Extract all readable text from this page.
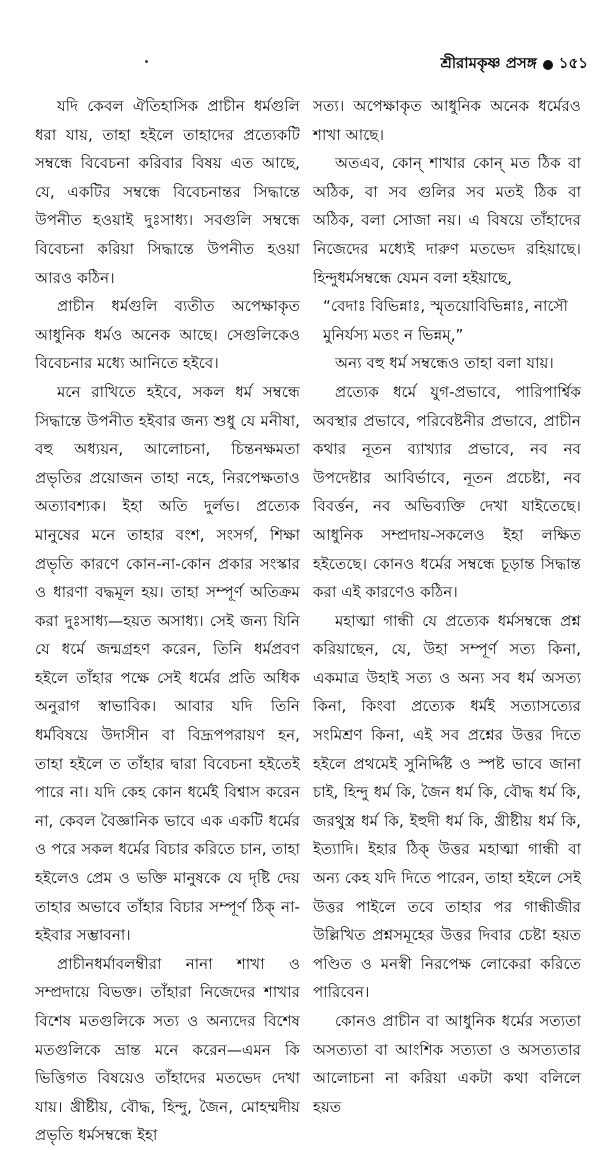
শ্রীরামকৃষ্ণ প্রসঙ্গ ১৫১

যদি কেবল ঐতিহাসিক প্রাচীন ধর্মগুলি ধরা যায়, তাহা হইলে তাহাদের প্রত্যেকটি সম্বন্ধে বিবেচনা করিবার বিষয় এত আছে, যে, একটির সম্বন্ধে বিবেচনান্তর সিদ্ধান্তে উপনীত হওয়াই দুঃসাধ্য। সবগুলি সম্বন্ধে বিবেচনা করিয়া সিদ্ধান্তে উপনীত হওয়া আরও কঠিন।

প্রাচীন ধর্মগুলি ব্যতীত অপেক্ষাকৃত আধুনিক ধর্মও অনেক আছে। সেগুলিকেও বিবেচনার মধ্যে আনিতে হইবে।

মনে রাখিতে হইবে, সকল ধর্ম সম্বন্ধে সিদ্ধান্তে উপনীত হইবার জন্য শুধু যে মনীষা, বহু অধ্যয়ন, আলোচনা, চিন্তনক্ষমতা প্রভৃতির প্রয়োজন তাহা নহে, নিরপেক্ষতাও অত্যাবশ্যক। ইহা অতি দুর্লভ। প্রত্যেক মানুষের মনে তাহার বংশ, সংসর্গ, শিক্ষা প্রভৃতি কারণে কোন-না-কোন প্রকার সংস্কার ও ধারণা বদ্ধমূল হয়। তাহা সম্পূর্ণ অতিক্রম করা দুঃসাধ্য—হয়ত অসাধ্য। সেই জন্য যিনি যে ধর্মে জন্মগ্রহণ করেন, তিনি ধর্মপ্রবণ হইলে তাঁহার পক্ষে সেই ধর্মের প্রতি অধিক অনুরাগ স্বাভাবিক। আবার যদি তিনি ধর্মবিষয়ে উদাসীন বা বিদ্রূপপরায়ণ হন, তাহা হইলে ত তাঁহার দ্বারা বিবেচনা হইতেই পারে না। যদি কেহ কোন ধর্মেই বিশ্বাস করেন না, কেবল বৈজ্ঞানিক ভাবে এক একটি ধর্মের ও পরে সকল ধর্মের বিচার করিতে চান, তাহা হইলেও প্রেম ও ভক্তি মানুষকে যে দৃষ্টি দেয় তাহার অভাবে তাঁহার বিচার সম্পূর্ণ ঠিক্ না-হইবার সম্ভাবনা।

প্রাচীনধর্মাবলম্বীরা নানা শাখা ও সম্প্রদায়ে বিভক্ত। তাঁহারা নিজেদের শাখার বিশেষ মতগুলিকে সত্য ও অন্যদের বিশেষ মতগুলিকে ভ্রান্ত মনে করেন—এমন কি ভিত্তিগত বিষয়েও তাঁহাদের মতভেদ দেখা যায়। খ্রীষ্টীয়, বৌদ্ধ, হিন্দু, জৈন, মোহম্মদীয় প্রভৃতি ধর্মসম্বন্ধে ইহা

সত্য। অপেক্ষাকৃত আধুনিক অনেক ধর্মেরও শাখা আছে।

অতএব, কোন্ শাখার কোন্ মত ঠিক বা অঠিক, বা সব গুলির সব মতই ঠিক বা অঠিক, বলা সোজা নয়। এ বিষয়ে তাঁহাদের নিজেদের মধ্যেই দারুণ মতভেদ রহিয়াছে। হিন্দুধর্মসম্বন্ধে যেমন বলা হইয়াছে,

“বেদাঃ বিভিন্নাঃ, স্মৃতয়োবিভিন্নাঃ, নাসৌ

মুনির্যস্য মতং ন ভিন্নম্,”

অন্য বহু ধর্ম সম্বন্ধেও তাহা বলা যায়।

প্রত্যেক ধর্মে যুগ-প্রভাবে, পারিপার্শ্বিক অবস্থার প্রভাবে, পরিবেষ্টনীর প্রভাবে, প্রাচীন কথার নূতন ব্যাখ্যার প্রভাবে, নব নব উপদেষ্টার আবির্ভাবে, নূতন প্রচেষ্টা, নব বিবর্ত্তন, নব অভিব্যক্তি দেখা যাইতেছে। আধুনিক সম্প্রদায়-সকলেও ইহা লক্ষিত হইতেছে। কোনও ধর্মের সম্বন্ধে চূড়ান্ত সিদ্ধান্ত করা এই কারণেও কঠিন।

মহাত্মা গান্ধী যে প্রত্যেক ধর্মসম্বন্ধে প্রশ্ন করিয়াছেন, যে, উহা সম্পূর্ণ সত্য কিনা, একমাত্র উহাই সত্য ও অন্য সব ধর্ম অসত্য কিনা, কিংবা প্রত্যেক ধর্মই সত্যাসত্যের সংমিশ্রণ কিনা, এই সব প্রশ্নের উত্তর দিতে হইলে প্রথমেই সুনির্দ্দিষ্ট ও স্পষ্ট ভাবে জানা চাই, হিন্দু ধর্ম কি, জৈন ধর্ম কি, বৌদ্ধ ধর্ম কি, জরথুস্ত্র ধর্ম কি, ইহুদী ধর্ম কি, খ্রীষ্টীয় ধর্ম কি, ইত্যাদি। ইহার ঠিক্ উত্তর মহাত্মা গান্ধী বা অন্য কেহ যদি দিতে পারেন, তাহা হইলে সেই উত্তর পাইলে তবে তাহার পর গান্ধীজীর উল্লিখিত প্রশ্নসমূহের উত্তর দিবার চেষ্টা হয়ত পণ্ডিত ও মনস্বী নিরপেক্ষ লোকেরা করিতে পারিবেন।

কোনও প্রাচীন বা আধুনিক ধর্মের সত্যতা অসত্যতা বা আংশিক সত্যতা ও অসত্যতার আলোচনা না করিয়া একটা কথা বলিলে হয়ত
